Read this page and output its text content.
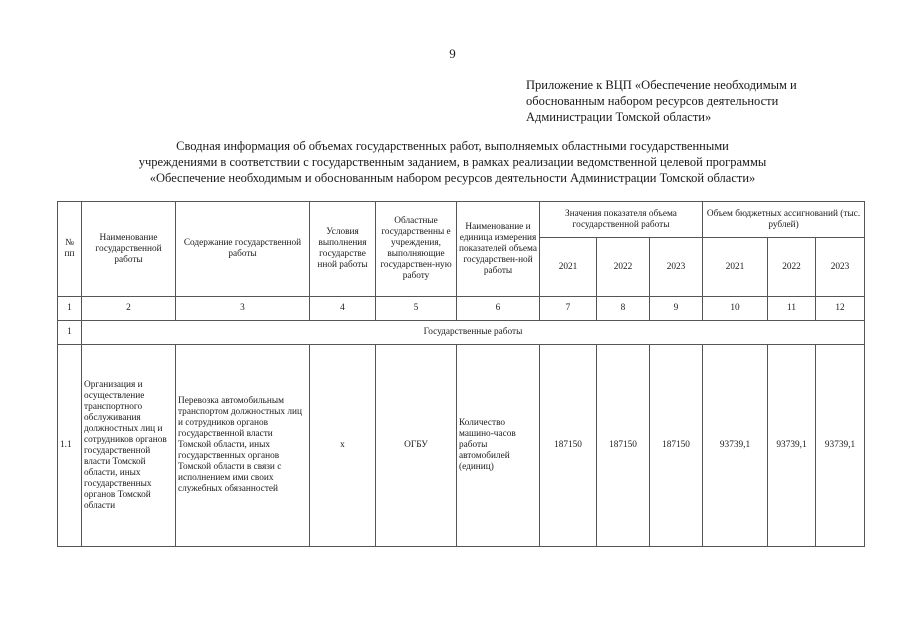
9
Приложение к ВЦП «Обеспечение необходимым и
обоснованным набором ресурсов деятельности
Администрации Томской области»
Сводная информация об объемах государственных работ, выполняемых областными государственными
учреждениями в соответствии с государственным заданием, в рамках реализации ведомственной целевой программы
«Обеспечение необходимым и обоснованным набором ресурсов деятельности Администрации Томской области»
№ пп	Наименование государственной работы	Содержание государственной работы	Условия выполнения государстве нной работы	Областные государственны е учреждения, выполняющие государствен-ную работу	Наименование и единица измерения показателей объема государствен-ной работы	Значения показателя объема государственной работы			Объем бюджетных ассигнований (тыс. рублей)		
						2021	2022	2023	2021	2022	2023
1	2	3	4	5	6	7	8	9	10	11	12
1	Государственные работы										
1.1	Организация и осуществление транспортного обслуживания должностных лиц и сотрудников органов государственной власти Томской области, иных государственных органов Томской области	Перевозка автомобильным транспортом должностных лиц и сотрудников органов государственной власти Томской области, иных государственных органов Томской области в связи с исполнением ими своих служебных обязанностей	х	ОГБУ	Количество машино-часов работы автомобилей (единиц)	187150	187150	187150	93739,1	93739,1	93739,1
